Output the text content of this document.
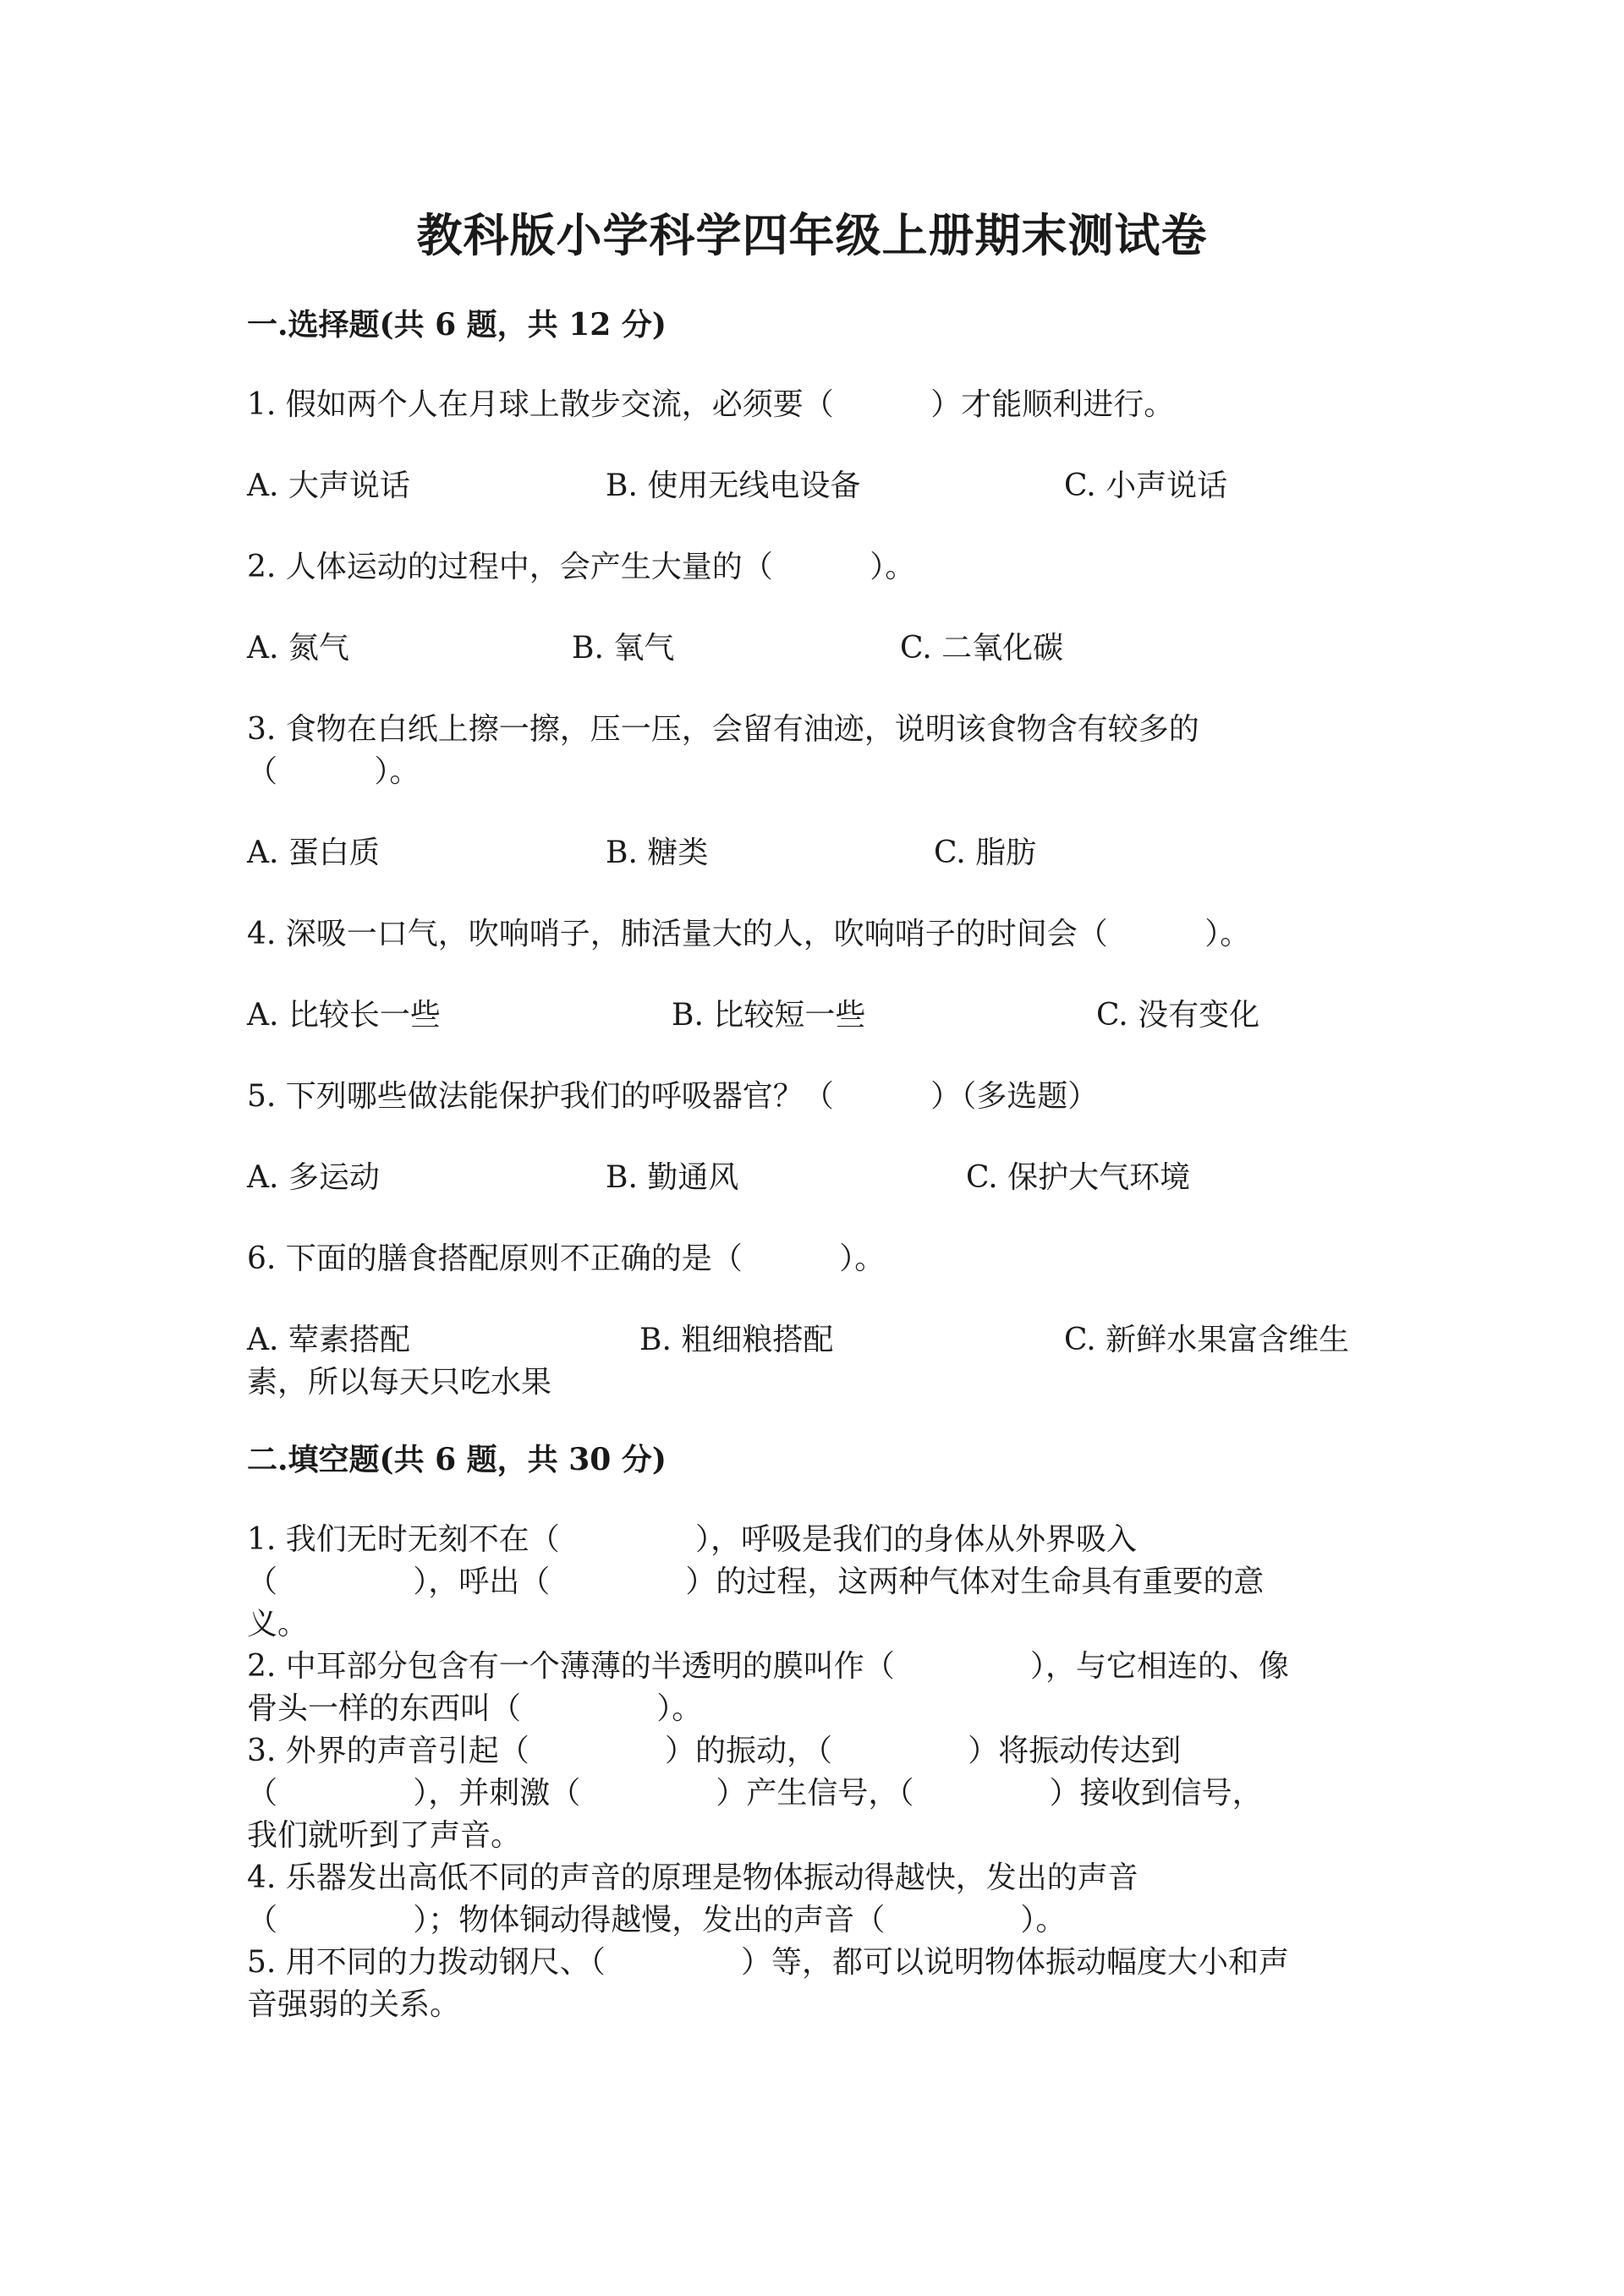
教科版小学科学四年级上册期末测试卷
一.选择题(共 6 题，共 12 分)
1. 假如两个人在月球上散步交流，必须要（          ）才能顺利进行。
A. 大声说话	B. 使用无线电设备	C. 小声说话
2. 人体运动的过程中，会产生大量的（          ）。
A. 氮气	B. 氧气	C. 二氧化碳
3. 食物在白纸上擦一擦，压一压，会留有油迹，说明该食物含有较多的
（          ）。
A. 蛋白质	B. 糖类	C. 脂肪
4. 深吸一口气，吹响哨子，肺活量大的人，吹响哨子的时间会（          ）。
A. 比较长一些	B. 比较短一些	C. 没有变化
5. 下列哪些做法能保护我们的呼吸器官？（          ）（多选题）
A. 多运动	B. 勤通风	C. 保护大气环境
6. 下面的膳食搭配原则不正确的是（          ）。
A. 荤素搭配	B. 粗细粮搭配	C. 新鲜水果富含维生
素，所以每天只吃水果
二.填空题(共 6 题，共 30 分)
1. 我们无时无刻不在（              ），呼吸是我们的身体从外界吸入
（              ），呼出（              ）的过程，这两种气体对生命具有重要的意
义。
2. 中耳部分包含有一个薄薄的半透明的膜叫作（              ），与它相连的、像
骨头一样的东西叫（              ）。
3. 外界的声音引起（              ）的振动，（              ）将振动传达到
（              ），并刺激（              ）产生信号，（              ）接收到信号，
我们就听到了声音。
4. 乐器发出高低不同的声音的原理是物体振动得越快，发出的声音
（              ）；物体铜动得越慢，发出的声音（              ）。
5. 用不同的力拨动钢尺、（              ）等，都可以说明物体振动幅度大小和声
音强弱的关系。
